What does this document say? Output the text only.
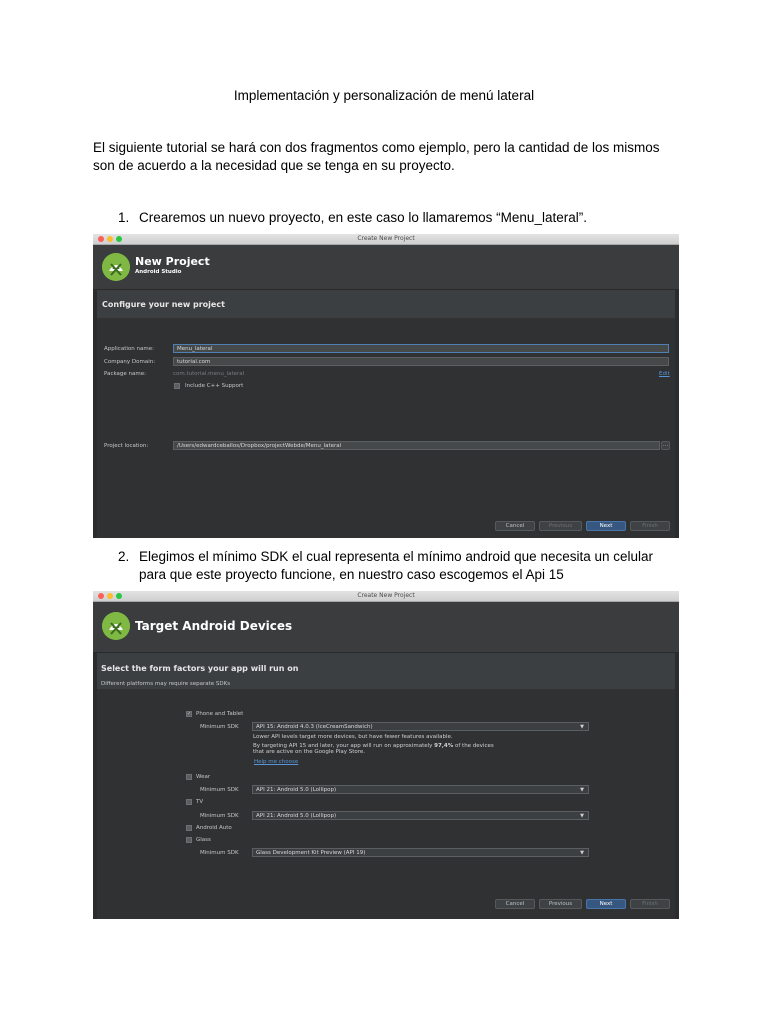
Implementación y personalización de menú lateral
El siguiente tutorial se hará con dos fragmentos como ejemplo, pero la cantidad de los mismos son de acuerdo a la necesidad que se tenga en su proyecto.
1. Crearemos un nuevo proyecto, en este caso lo llamaremos “Menu_lateral”.
Create New Project
New Project
Android Studio
Configure your new project
Application name:	Menu_lateral
Company Domain:	tutorial.com
Package name:	com.tutorial.menu_lateral	Edit
Include C++ Support
Project location:	/Users/edwardceballos/Dropbox/projectWebde/Menu_lateral	...
Cancel	Previous	Next	Finish
2. Elegimos el mínimo SDK el cual representa el mínimo android que necesita un celular para que este proyecto funcione, en nuestro caso escogemos el Api 15
Create New Project
Target Android Devices
Select the form factors your app will run on
Different platforms may require separate SDKs
✓ Phone and Tablet
Minimum SDK	API 15: Android 4.0.3 (IceCreamSandwich)	▼
Lower API levels target more devices, but have fewer features available.
By targeting API 15 and later, your app will run on approximately 97,4% of the devices
that are active on the Google Play Store.
Help me choose
Wear
Minimum SDK	API 21: Android 5.0 (Lollipop)	▼
TV
Minimum SDK	API 21: Android 5.0 (Lollipop)	▼
Android Auto
Glass
Minimum SDK	Glass Development Kit Preview (API 19)	▼
Cancel	Previous	Next	Finish
